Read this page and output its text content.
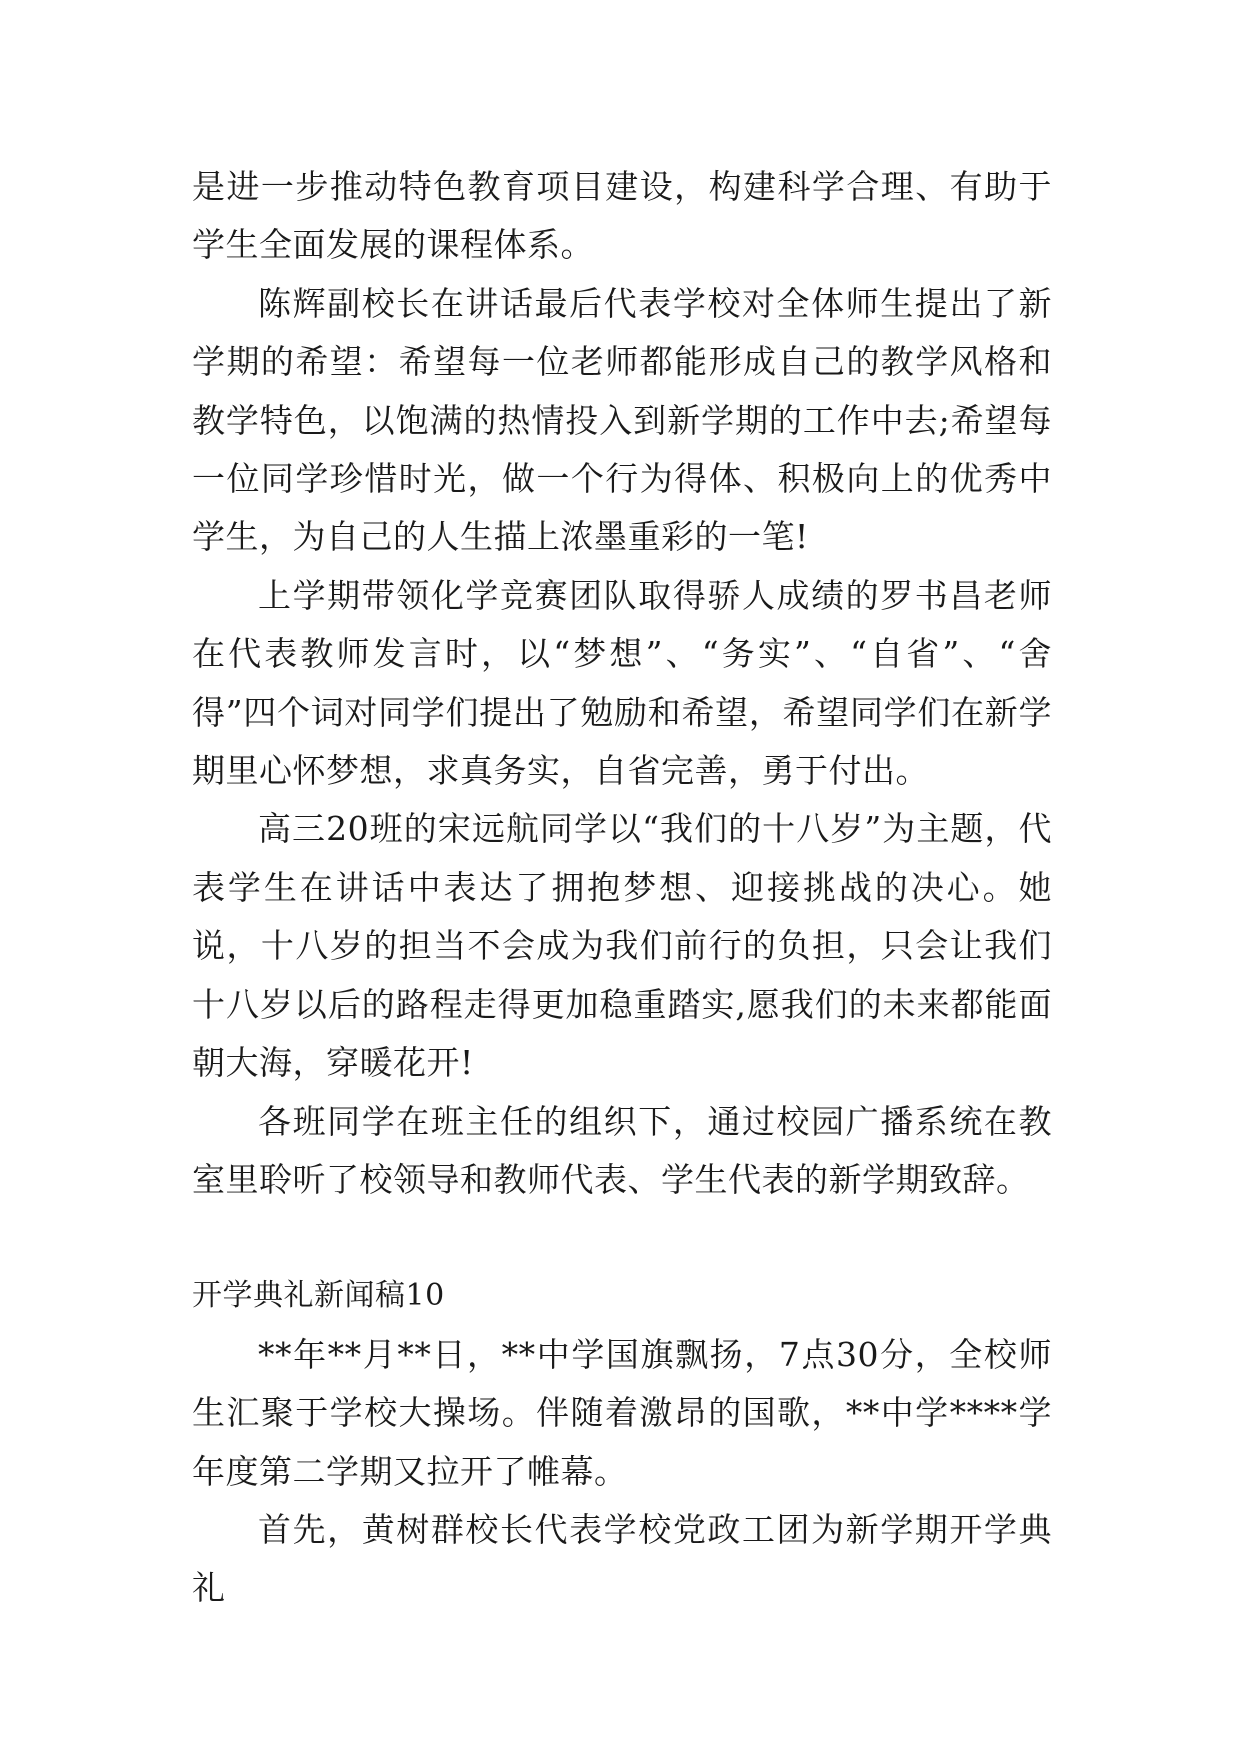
是进一步推动特色教育项目建设，构建科学合理、有助于学生全面发展的课程体系。

陈辉副校长在讲话最后代表学校对全体师生提出了新学期的希望：希望每一位老师都能形成自己的教学风格和教学特色，以饱满的热情投入到新学期的工作中去;希望每一位同学珍惜时光，做一个行为得体、积极向上的优秀中学生，为自己的人生描上浓墨重彩的一笔!

上学期带领化学竞赛团队取得骄人成绩的罗书昌老师在代表教师发言时，以“梦想”、“务实”、“自省”、“舍得”四个词对同学们提出了勉励和希望，希望同学们在新学期里心怀梦想，求真务实，自省完善，勇于付出。

高三20班的宋远航同学以“我们的十八岁”为主题，代表学生在讲话中表达了拥抱梦想、迎接挑战的决心。她说，十八岁的担当不会成为我们前行的负担，只会让我们十八岁以后的路程走得更加稳重踏实,愿我们的未来都能面朝大海，穿暖花开!

各班同学在班主任的组织下，通过校园广播系统在教室里聆听了校领导和教师代表、学生代表的新学期致辞。

开学典礼新闻稿10

**年**月**日，**中学国旗飘扬，7点30分，全校师生汇聚于学校大操场。伴随着激昂的国歌，**中学****学年度第二学期又拉开了帷幕。

首先，黄树群校长代表学校党政工团为新学期开学典礼
